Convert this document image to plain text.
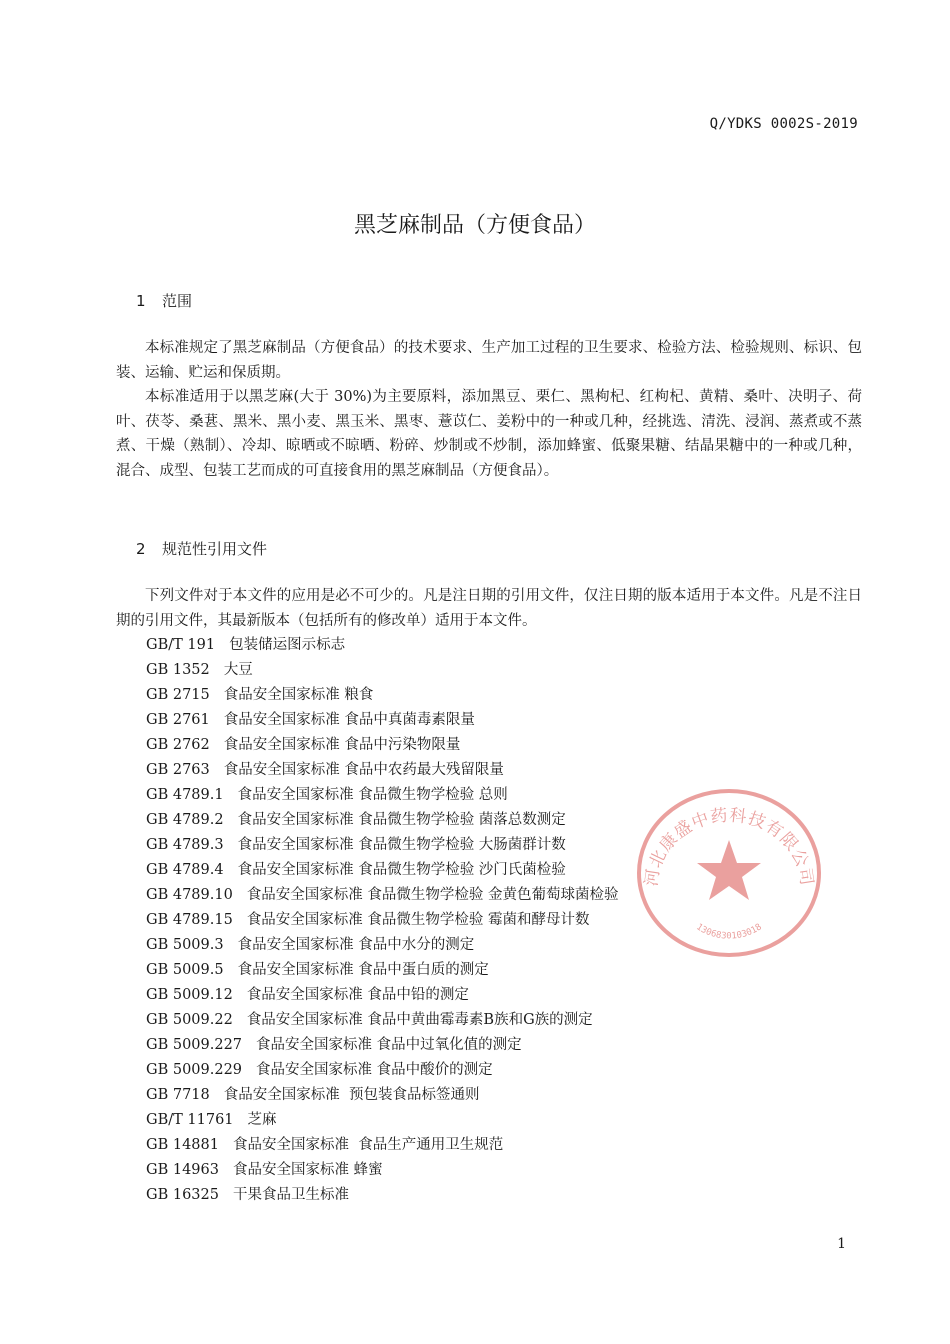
Q/YDKS 0002S-2019
黑芝麻制品（方便食品）
1 范围

本标准规定了黑芝麻制品（方便食品）的技术要求、生产加工过程的卫生要求、检验方法、检验规则、标识、包装、运输、贮运和保质期。

本标准适用于以黑芝麻(大于 30%)为主要原料，添加黑豆、栗仁、黑枸杞、红枸杞、黄精、桑叶、决明子、荷叶、茯苓、桑葚、黑米、黑小麦、黑玉米、黑枣、薏苡仁、姜粉中的一种或几种，经挑选、清洗、浸润、蒸煮或不蒸煮、干燥（熟制）、冷却、晾晒或不晾晒、粉碎、炒制或不炒制，添加蜂蜜、低聚果糖、结晶果糖中的一种或几种，混合、成型、包装工艺而成的可直接食用的黑芝麻制品（方便食品）。

2 规范性引用文件

下列文件对于本文件的应用是必不可少的。凡是注日期的引用文件，仅注日期的版本适用于本文件。凡是不注日期的引用文件，其最新版本（包括所有的修改单）适用于本文件。

GB/T 191 包装储运图示标志
GB 1352 大豆
GB 2715 食品安全国家标准 粮食
GB 2761 食品安全国家标准 食品中真菌毒素限量
GB 2762 食品安全国家标准 食品中污染物限量
GB 2763 食品安全国家标准 食品中农药最大残留限量
GB 4789.1 食品安全国家标准 食品微生物学检验 总则
GB 4789.2 食品安全国家标准 食品微生物学检验 菌落总数测定
GB 4789.3 食品安全国家标准 食品微生物学检验 大肠菌群计数
GB 4789.4 食品安全国家标准 食品微生物学检验 沙门氏菌检验
GB 4789.10 食品安全国家标准 食品微生物学检验 金黄色葡萄球菌检验
GB 4789.15 食品安全国家标准 食品微生物学检验 霉菌和酵母计数
GB 5009.3 食品安全国家标准 食品中水分的测定
GB 5009.5 食品安全国家标准 食品中蛋白质的测定
GB 5009.12 食品安全国家标准 食品中铅的测定
GB 5009.22 食品安全国家标准 食品中黄曲霉毒素B族和G族的测定
GB 5009.227 食品安全国家标准 食品中过氧化值的测定
GB 5009.229 食品安全国家标准 食品中酸价的测定
GB 7718 食品安全国家标准  预包装食品标签通则
GB/T 11761 芝麻
GB 14881 食品安全国家标准  食品生产通用卫生规范
GB 14963 食品安全国家标准 蜂蜜
GB 16325 干果食品卫生标准
河北康盛中药科技有限公司
1306830103018
1
